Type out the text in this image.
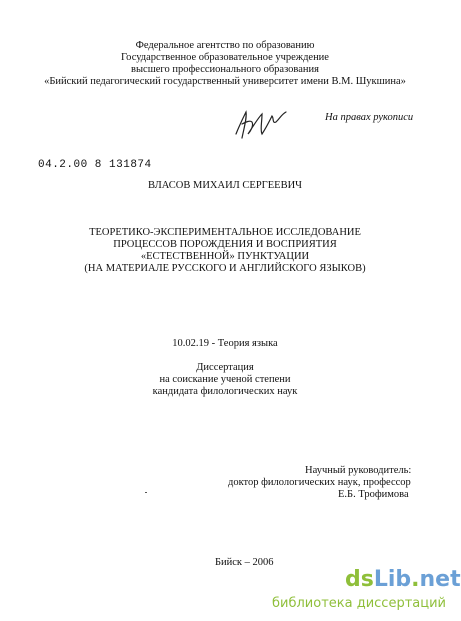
Федеральное агентство по образованию
Государственное образовательное учреждение
высшего профессионального образования
«Бийский педагогический государственный университет имени В.М. Шукшина»
На правах рукописи
04.2.00 8 131874
ВЛАСОВ МИХАИЛ СЕРГЕЕВИЧ
ТЕОРЕТИКО-ЭКСПЕРИМЕНТАЛЬНОЕ ИССЛЕДОВАНИЕ
ПРОЦЕССОВ ПОРОЖДЕНИЯ И ВОСПРИЯТИЯ
«ЕСТЕСТВЕННОЙ» ПУНКТУАЦИИ
(НА МАТЕРИАЛЕ РУССКОГО И АНГЛИЙСКОГО ЯЗЫКОВ)
10.02.19 - Теория языка
Диссертация
на соискание ученой степени
кандидата филологических наук
Научный руководитель:
доктор филологических наук, профессор
Е.Б. Трофимова
Бийск – 2006
dsLib.net
библиотека диссертаций
